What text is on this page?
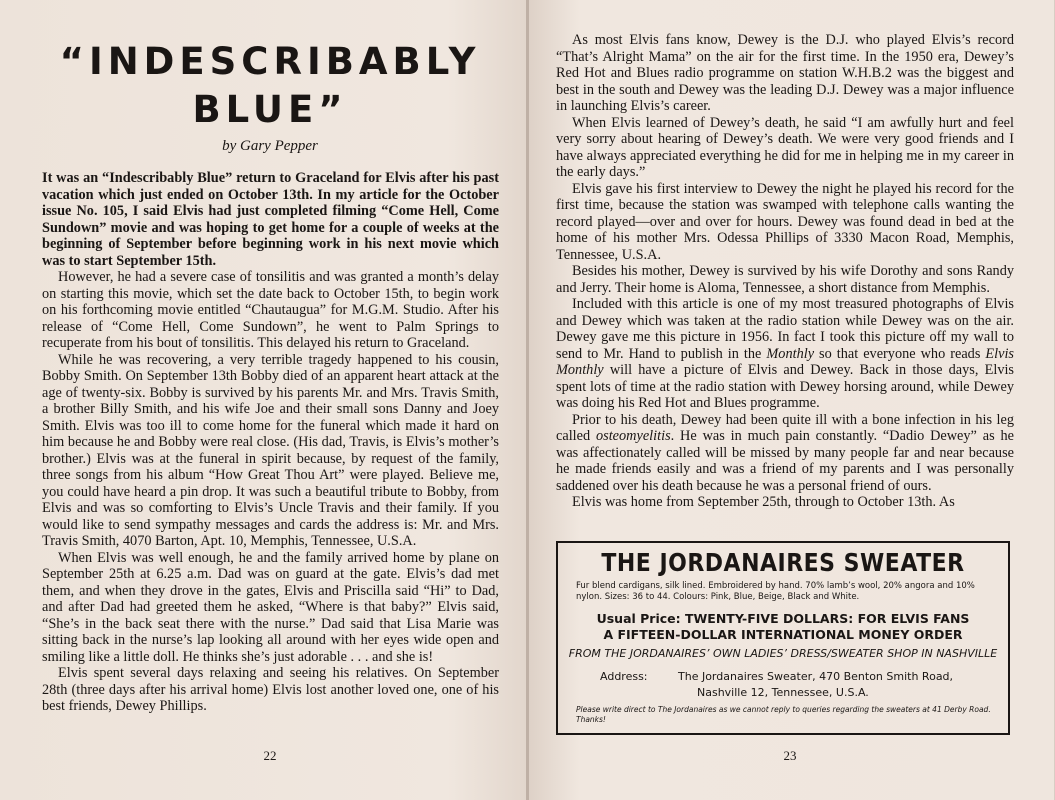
“INDESCRIBABLY
BLUE”

by Gary Pepper

It was an “Indescribably Blue” return to Graceland for Elvis after his past vacation which just ended on October 13th. In my article for the October issue No. 105, I said Elvis had just completed filming “Come Hell, Come Sundown” movie and was hoping to get home for a couple of weeks at the beginning of September before beginning work in his next movie which was to start September 15th.

However, he had a severe case of tonsilitis and was granted a month’s delay on starting this movie, which set the date back to October 15th, to begin work on his forthcoming movie entitled “Chautaugua” for M.G.M. Studio. After his release of “Come Hell, Come Sundown”, he went to Palm Springs to recuperate from his bout of tonsilitis. This delayed his return to Graceland.

While he was recovering, a very terrible tragedy happened to his cousin, Bobby Smith. On September 13th Bobby died of an apparent heart attack at the age of twenty-six. Bobby is survived by his parents Mr. and Mrs. Travis Smith, a brother Billy Smith, and his wife Joe and their small sons Danny and Joey Smith. Elvis was too ill to come home for the funeral which made it hard on him because he and Bobby were real close. (His dad, Travis, is Elvis’s mother’s brother.) Elvis was at the funeral in spirit because, by request of the family, three songs from his album “How Great Thou Art” were played. Believe me, you could have heard a pin drop. It was such a beautiful tribute to Bobby, from Elvis and was so comforting to Elvis’s Uncle Travis and their family. If you would like to send sympathy messages and cards the address is: Mr. and Mrs. Travis Smith, 4070 Barton, Apt. 10, Memphis, Tennessee, U.S.A.

When Elvis was well enough, he and the family arrived home by plane on September 25th at 6.25 a.m. Dad was on guard at the gate. Elvis’s dad met them, and when they drove in the gates, Elvis and Priscilla said “Hi” to Dad, and after Dad had greeted them he asked, “Where is that baby?” Elvis said, “She’s in the back seat there with the nurse.” Dad said that Lisa Marie was sitting back in the nurse’s lap looking all around with her eyes wide open and smiling like a little doll. He thinks she’s just adorable . . . and she is!

Elvis spent several days relaxing and seeing his relatives. On September 28th (three days after his arrival home) Elvis lost another loved one, one of his best friends, Dewey Phillips.

22

As most Elvis fans know, Dewey is the D.J. who played Elvis’s record “That’s Alright Mama” on the air for the first time. In the 1950 era, Dewey’s Red Hot and Blues radio programme on station W.H.B.2 was the biggest and best in the south and Dewey was the leading D.J. Dewey was a major influence in launching Elvis’s career.

When Elvis learned of Dewey’s death, he said “I am awfully hurt and feel very sorry about hearing of Dewey’s death. We were very good friends and I have always appreciated everything he did for me in helping me in my career in the early days.”

Elvis gave his first interview to Dewey the night he played his record for the first time, because the station was swamped with telephone calls wanting the record played—over and over for hours. Dewey was found dead in bed at the home of his mother Mrs. Odessa Phillips of 3330 Macon Road, Memphis, Tennessee, U.S.A.

Besides his mother, Dewey is survived by his wife Dorothy and sons Randy and Jerry. Their home is Aloma, Tennessee, a short distance from Memphis.

Included with this article is one of my most treasured photographs of Elvis and Dewey which was taken at the radio station while Dewey was on the air. Dewey gave me this picture in 1956. In fact I took this picture off my wall to send to Mr. Hand to publish in the Monthly so that everyone who reads Elvis Monthly will have a picture of Elvis and Dewey. Back in those days, Elvis spent lots of time at the radio station with Dewey horsing around, while Dewey was doing his Red Hot and Blues programme.

Prior to his death, Dewey had been quite ill with a bone infection in his leg called osteomyelitis. He was in much pain constantly. “Dadio Dewey” as he was affectionately called will be missed by many people far and near because he made friends easily and was a friend of my parents and I was personally saddened over his death because he was a personal friend of ours.

Elvis was home from September 25th, through to October 13th. As

THE JORDANAIRES SWEATER
Fur blend cardigans, silk lined. Embroidered by hand. 70% lamb’s wool, 20% angora and 10% nylon. Sizes: 36 to 44. Colours: Pink, Blue, Beige, Black and White.
Usual Price: TWENTY-FIVE DOLLARS: FOR ELVIS FANS
A FIFTEEN-DOLLAR INTERNATIONAL MONEY ORDER
FROM THE JORDANAIRES’ OWN LADIES’ DRESS/SWEATER SHOP IN NASHVILLE
Address:	The Jordanaires Sweater, 470 Benton Smith Road,
Nashville 12, Tennessee, U.S.A.
Please write direct to The Jordanaires as we cannot reply to queries regarding the sweaters at 41 Derby Road. Thanks!
23
